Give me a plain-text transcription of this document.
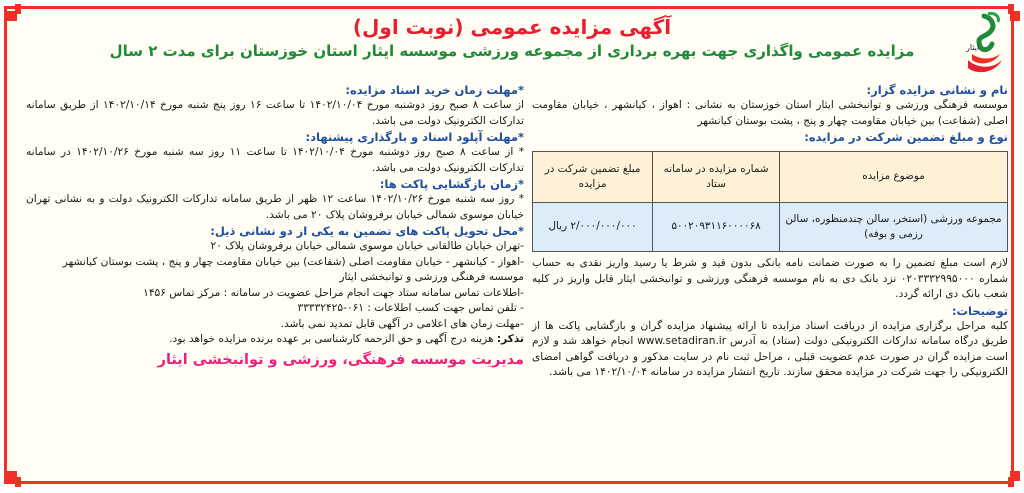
ایثار
آگهی مزایده عمومی (نوبت اول)
مزایده عمومی واگذاری جهت بهره برداری از مجموعه ورزشی موسسه ایثار استان خوزستان برای مدت ۲ سال
نام و نشانی مزایده گزار:
موسسه فرهنگی ورزشی و توانبخشی ایثار استان خوزستان به نشانی : اهواز ، کیانشهر ، خیابان مقاومت اصلی (شفاعت) بین خیابان مقاومت چهار و پنج ، پشت بوستان کیانشهر
نوع و مبلغ تضمین شرکت در مزایده:
موضوع مزایده	شماره مزایده در سامانه ستاد	مبلغ تضمین شرکت در مزایده
مجموعه ورزشی (استخر، سالن چندمنظوره، سالن رزمی و بوفه)	۵۰۰۲۰۹۳۱۱۶۰۰۰۰۶۸	۲/۰۰۰/۰۰۰/۰۰۰ ریال
لازم است مبلغ تضمین را به صورت ضمانت نامه بانکی بدون قید و شرط یا رسید واریز نقدی به حساب شماره ۰۲۰۳۳۳۲۹۹۵۰۰۰ نزد بانک دی به نام موسسه فرهنگی ورزشی و توانبخشی ایثار قابل واریز در کلیه شعب بانک دی ارائه گردد.
توضیحات:
کلیه مراحل برگزاری مزایده از دریافت اسناد مزایده تا ارائه پیشنهاد مزایده گران و بازگشایی پاکت ها از طریق درگاه سامانه تدارکات الکترونیکی دولت (ستاد) به آدرس www.setadiran.ir انجام خواهد شد و لازم است مزایده گران در صورت عدم عضویت قبلی ، مراحل ثبت نام در سایت مذکور و دریافت گواهی امضای الکترونیکی را جهت شرکت در مزایده محقق سازند. تاریخ انتشار مزایده در سامانه ۱۴۰۲/۱۰/۰۴ می باشد.
*مهلت زمان خرید اسناد مزایده:
از ساعت ۸ صبح روز دوشنبه مورخ ۱۴۰۲/۱۰/۰۴ تا ساعت ۱۶ روز پنج شنبه مورخ ۱۴۰۲/۱۰/۱۴ از طریق سامانه تدارکات الکترونیک دولت می باشد.
*مهلت آپلود اسناد و بارگذاری پیشنهاد:
* از ساعت ۸ صبح روز دوشنبه مورخ ۱۴۰۲/۱۰/۰۴ تا ساعت ۱۱ روز سه شنبه مورخ ۱۴۰۲/۱۰/۲۶ در سامانه تدارکات الکترونیک دولت می باشد.
*زمان بازگشایی پاکت ها:
* روز سه شنبه مورخ ۱۴۰۲/۱۰/۲۶ ساعت ۱۲ ظهر از طریق سامانه تدارکات الکترونیک دولت و به نشانی تهران خیابان موسوی شمالی خیابان برفروشان پلاک ۲۰ می باشد.
*محل تحویل پاکت های تضمین به یکی از دو نشانی ذیل:
-تهران خیابان طالقانی خیابان موسوی شمالی خیابان برفروشان پلاک ۲۰
-اهواز - کیانشهر - خیابان مقاومت اصلی (شفاعت) بین خیابان مقاومت چهار و پنج ، پشت بوستان کیانشهر موسسه فرهنگی ورزشی و توانبخشی ایثار
-اطلاعات تماس سامانه ستاد جهت انجام مراحل عضویت در سامانه : مرکز تماس ۱۴۵۶
- تلفن تماس جهت کسب اطلاعات : ۰۶۱-۳۳۳۳۲۴۲۵
-مهلت زمان های اعلامی در آگهی قابل تمدید نمی باشد.
تذکر: هزینه درج آگهی و حق الزحمه کارشناسی بر عهده برنده مزایده خواهد بود.
مدیریت موسسه فرهنگی، ورزشی و توانبخشی ایثار
